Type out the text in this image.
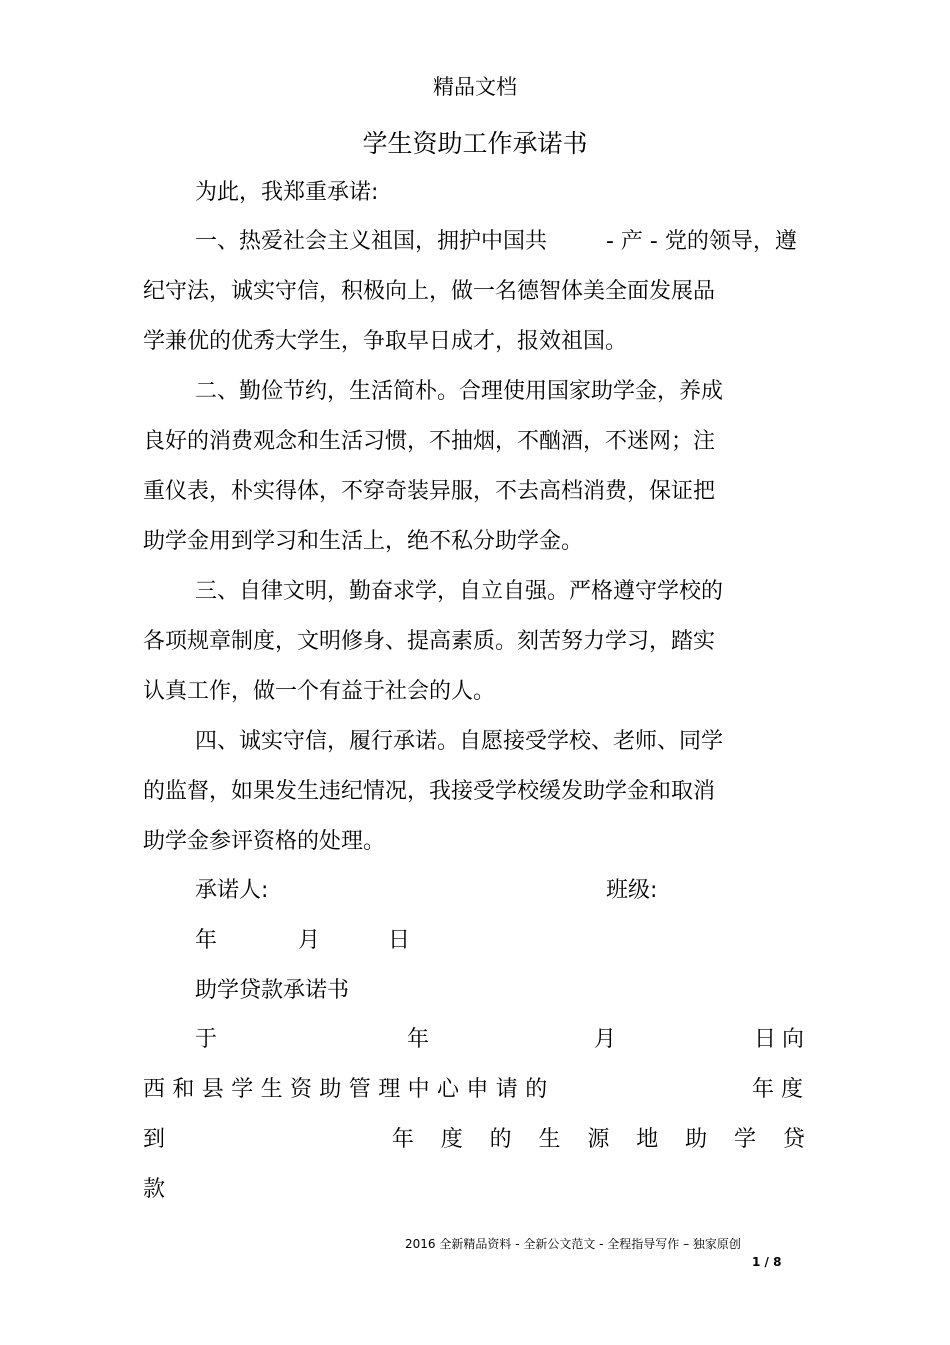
精品文档
学生资助工作承诺书
为此，我郑重承诺:
一、热爱社会主义祖国，拥护中国共	- 产 - 党的领导，遵
纪守法，诚实守信，积极向上，做一名德智体美全面发展品
学兼优的优秀大学生，争取早日成才，报效祖国。
二、勤俭节约，生活简朴。合理使用国家助学金，养成
良好的消费观念和生活习惯，不抽烟，不酗酒，不迷网；注
重仪表，朴实得体，不穿奇装异服，不去高档消费，保证把
助学金用到学习和生活上，绝不私分助学金。
三、自律文明，勤奋求学，自立自强。严格遵守学校的
各项规章制度，文明修身、提高素质。刻苦努力学习，踏实
认真工作，做一个有益于社会的人。
四、诚实守信，履行承诺。自愿接受学校、老师、同学
的监督，如果发生违纪情况，我接受学校缓发助学金和取消
助学金参评资格的处理。
承诺人:	班级:
年	月	日
助学贷款承诺书
于	年	月	日向
西和县学生资助管理中心申请的	年度
到	年 度 的 生 源 地 助 学 贷
款
2016 全新精品资料 - 全新公文范文 - 全程指导写作 – 独家原创
1 / 8
